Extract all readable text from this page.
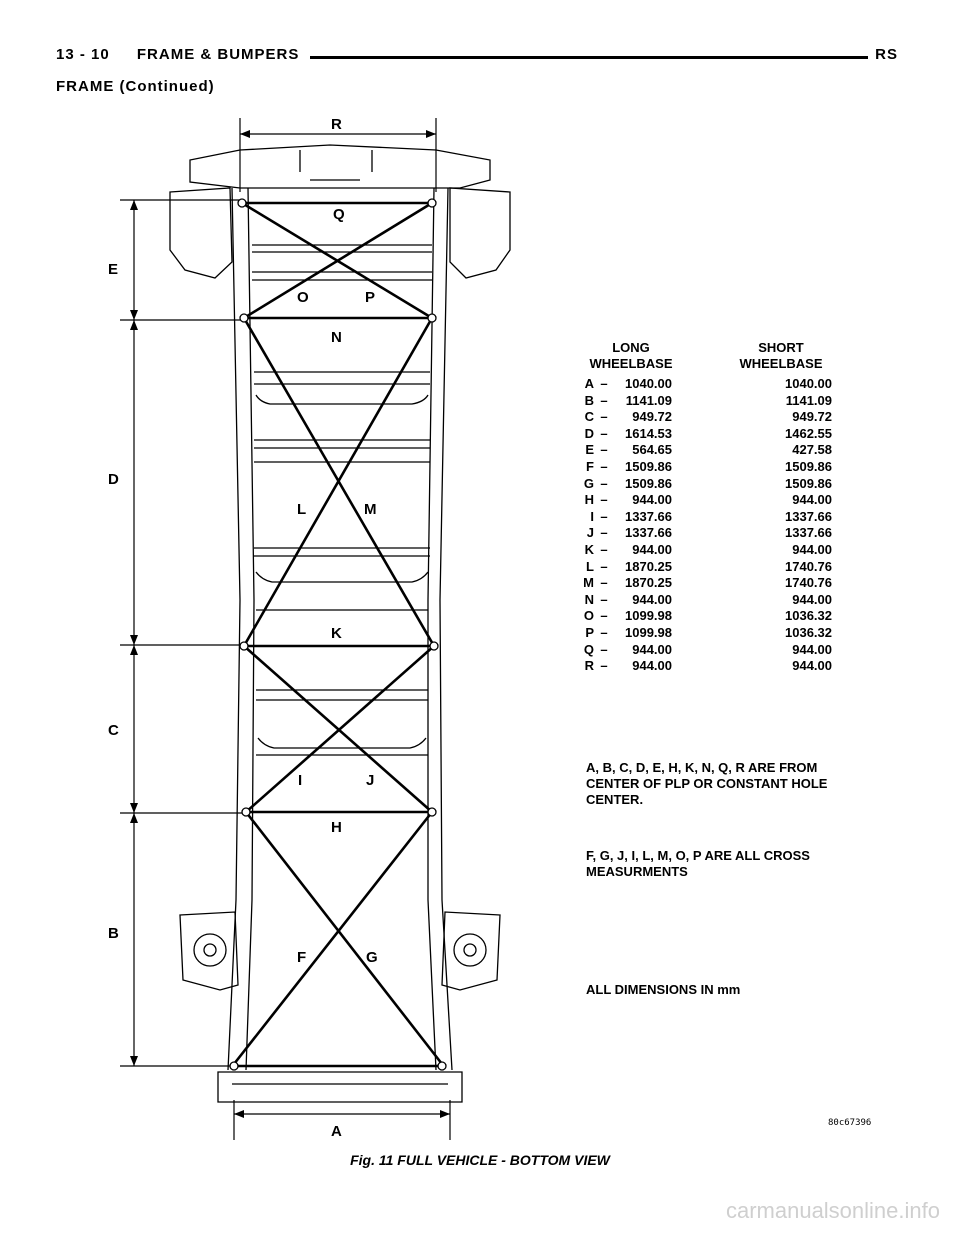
13 - 10 FRAME & BUMPERS	RS
FRAME (Continued)
R
Q
O	P
N
L	M
K
I	J
H
F	G
A
E
D
C
B
LONG
WHEELBASE
SHORT
WHEELBASE
A –	1040.00	1040.00
B –	1141.09	1141.09
C –	949.72	949.72
D –	1614.53	1462.55
E –	564.65	427.58
F –	1509.86	1509.86
G –	1509.86	1509.86
H –	944.00	944.00
I –	1337.66	1337.66
J –	1337.66	1337.66
K –	944.00	944.00
L –	1870.25	1740.76
M –	1870.25	1740.76
N –	944.00	944.00
O –	1099.98	1036.32
P –	1099.98	1036.32
Q –	944.00	944.00
R –	944.00	944.00
A, B, C, D, E, H, K, N, Q, R ARE FROM CENTER OF PLP OR CONSTANT HOLE CENTER.
F, G, J, I, L, M, O, P ARE ALL CROSS MEASURMENTS
ALL DIMENSIONS IN mm
80c67396
Fig. 11 FULL VEHICLE - BOTTOM VIEW
carmanualsonline.info
